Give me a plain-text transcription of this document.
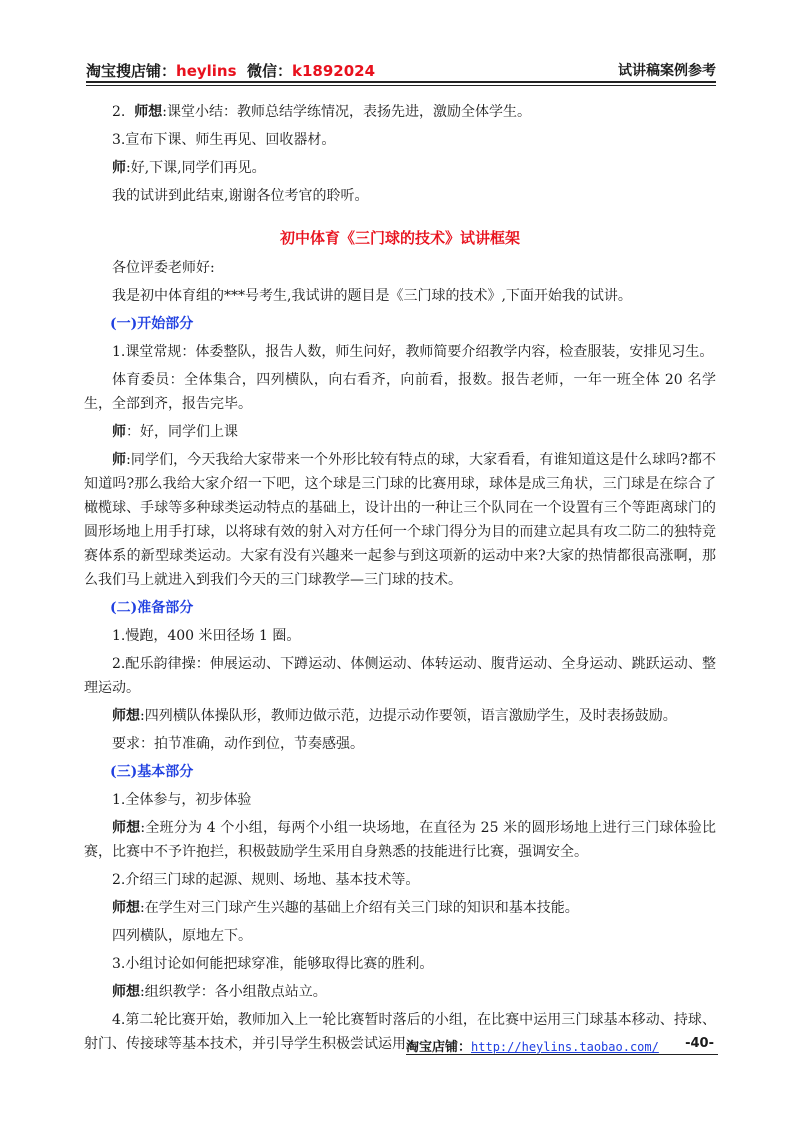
淘宝搜店铺：heylins  微信：k1892024	试讲稿案例参考

2.  师想:课堂小结：教师总结学练情况，表扬先进，激励全体学生。

3.宣布下课、师生再见、回收器材。

师:好,下课,同学们再见。

我的试讲到此结束,谢谢各位考官的聆听。

初中体育《三门球的技术》试讲框架

各位评委老师好:

我是初中体育组的***号考生,我试讲的题目是《三门球的技术》,下面开始我的试讲。

(一)开始部分

1.课堂常规：体委整队，报告人数，师生问好，教师简要介绍教学内容，检查服装，安排见习生。

体育委员：全体集合，四列横队，向右看齐，向前看，报数。报告老师，一年一班全体 20 名学生，全部到齐，报告完毕。

师：好，同学们上课

师:同学们，今天我给大家带来一个外形比较有特点的球，大家看看，有谁知道这是什么球吗?都不知道吗?那么我给大家介绍一下吧，这个球是三门球的比赛用球，球体是成三角状，三门球是在综合了橄榄球、手球等多种球类运动特点的基础上，设计出的一种让三个队同在一个设置有三个等距离球门的圆形场地上用手打球，以将球有效的射入对方任何一个球门得分为目的而建立起具有攻二防二的独特竞赛体系的新型球类运动。大家有没有兴趣来一起参与到这项新的运动中来?大家的热情都很高涨啊，那么我们马上就进入到我们今天的三门球教学—三门球的技术。

(二)准备部分

1.慢跑，400 米田径场 1 圈。

2.配乐韵律操：伸展运动、下蹲运动、体侧运动、体转运动、腹背运动、全身运动、跳跃运动、整理运动。

师想:四列横队体操队形，教师边做示范，边提示动作要领，语言激励学生，及时表扬鼓励。

要求：拍节准确，动作到位，节奏感强。

(三)基本部分

1.全体参与，初步体验

师想:全班分为 4 个小组，每两个小组一块场地，在直径为 25 米的圆形场地上进行三门球体验比赛，比赛中不予许抱拦，积极鼓励学生采用自身熟悉的技能进行比赛，强调安全。

2.介绍三门球的起源、规则、场地、基本技术等。

师想:在学生对三门球产生兴趣的基础上介绍有关三门球的知识和基本技能。

四列横队，原地左下。

3.小组讨论如何能把球穿准，能够取得比赛的胜利。

师想:组织教学：各小组散点站立。

4.第二轮比赛开始，教师加入上一轮比赛暂时落后的小组，在比赛中运用三门球基本移动、持球、射门、传接球等基本技术，并引导学生积极尝试运用。

淘宝店铺：http://heylins.taobao.com/ -40-
